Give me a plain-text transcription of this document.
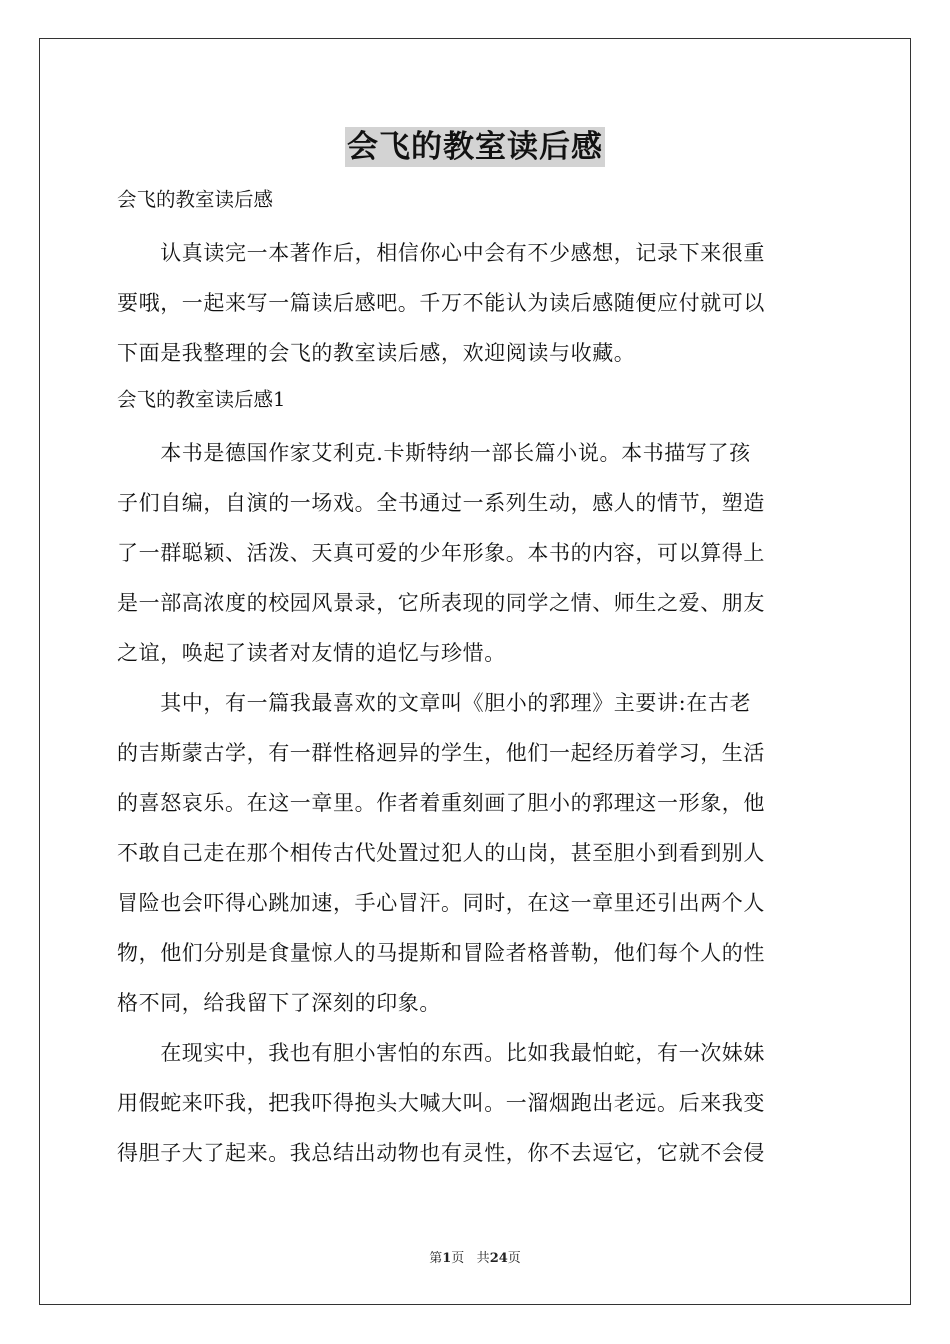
会飞的教室读后感

会飞的教室读后感

　　认真读完一本著作后，相信你心中会有不少感想，记录下来很重
要哦，一起来写一篇读后感吧。千万不能认为读后感随便应付就可以
下面是我整理的会飞的教室读后感，欢迎阅读与收藏。

会飞的教室读后感1

　　本书是德国作家艾利克.卡斯特纳一部长篇小说。本书描写了孩
子们自编，自演的一场戏。全书通过一系列生动，感人的情节，塑造
了一群聪颖、活泼、天真可爱的少年形象。本书的内容，可以算得上
是一部高浓度的校园风景录，它所表现的同学之情、师生之爱、朋友
之谊，唤起了读者对友情的追忆与珍惜。

　　其中，有一篇我最喜欢的文章叫《胆小的郛理》主要讲:在古老
的吉斯蒙古学，有一群性格迥异的学生，他们一起经历着学习，生活
的喜怒哀乐。在这一章里。作者着重刻画了胆小的郛理这一形象，他
不敢自己走在那个相传古代处置过犯人的山岗，甚至胆小到看到别人
冒险也会吓得心跳加速，手心冒汗。同时，在这一章里还引出两个人
物，他们分别是食量惊人的马提斯和冒险者格普勒，他们每个人的性
格不同，给我留下了深刻的印象。

　　在现实中，我也有胆小害怕的东西。比如我最怕蛇，有一次妹妹
用假蛇来吓我，把我吓得抱头大喊大叫。一溜烟跑出老远。后来我变
得胆子大了起来。我总结出动物也有灵性，你不去逗它，它就不会侵

第1页 共24页
